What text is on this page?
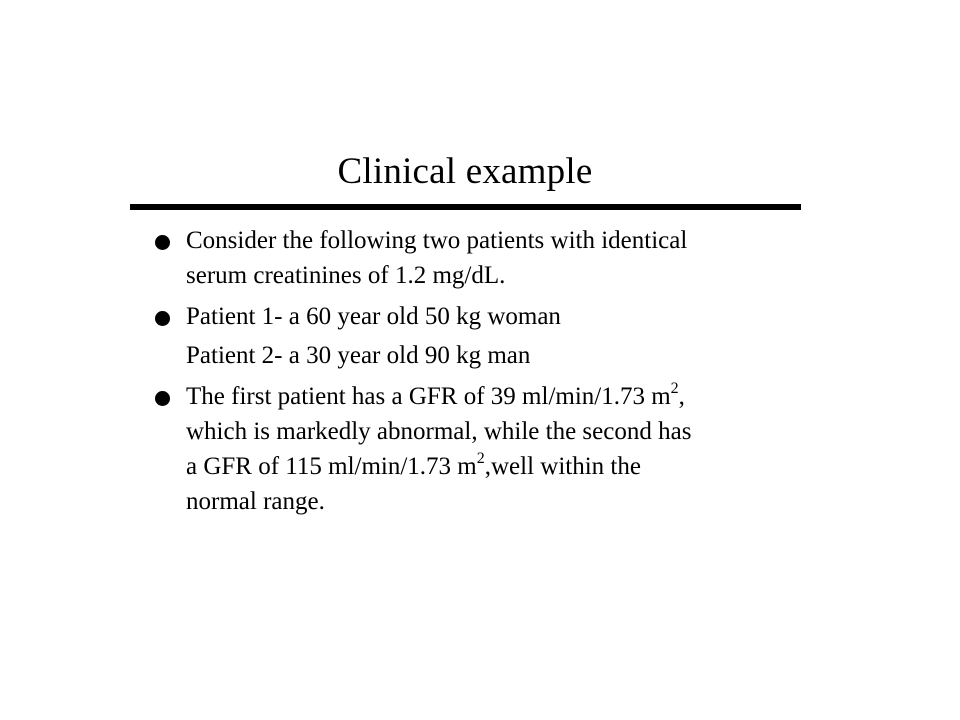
Clinical example
Consider the following two patients with identical
serum creatinines of 1.2 mg/dL.
Patient 1- a 60 year old 50 kg woman
Patient 2- a 30 year old 90 kg man
The first patient has a GFR of 39 ml/min/1.73 $m^2$,
which is markedly abnormal, while the second has
a GFR of 115 ml/min/1.73 $m^2,well$ within the
normal range.
